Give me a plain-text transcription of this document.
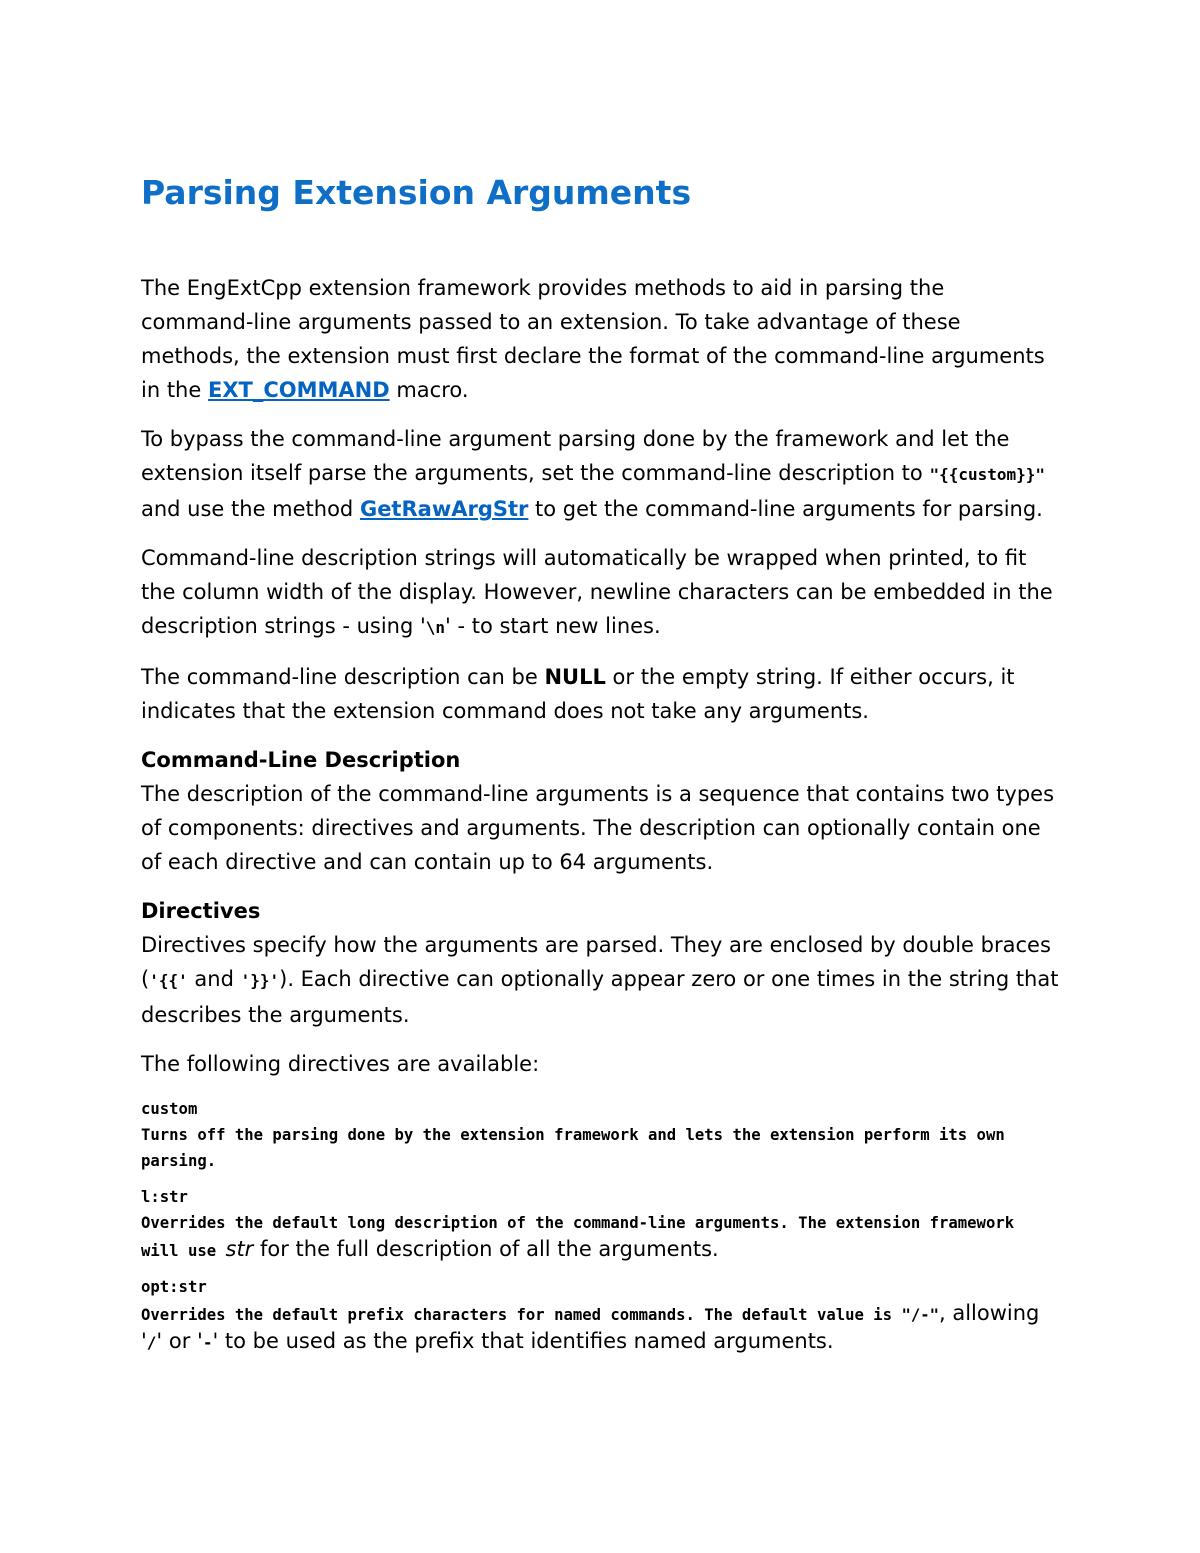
Parsing Extension Arguments

The EngExtCpp extension framework provides methods to aid in parsing the command-line arguments passed to an extension. To take advantage of these methods, the extension must first declare the format of the command-line arguments in the EXT_COMMAND macro.

To bypass the command-line argument parsing done by the framework and let the extension itself parse the arguments, set the command-line description to "{{custom}}" and use the method GetRawArgStr to get the command-line arguments for parsing.

Command-line description strings will automatically be wrapped when printed, to fit the column width of the display. However, newline characters can be embedded in the description strings - using '\n' - to start new lines.

The command-line description can be NULL or the empty string. If either occurs, it indicates that the extension command does not take any arguments.

Command-Line Description
The description of the command-line arguments is a sequence that contains two types of components: directives and arguments. The description can optionally contain one of each directive and can contain up to 64 arguments.

Directives
Directives specify how the arguments are parsed. They are enclosed by double braces ('{{' and '}}'). Each directive can optionally appear zero or one times in the string that describes the arguments.

The following directives are available:

custom
Turns off the parsing done by the extension framework and lets the extension perform its own parsing.
l:str
Overrides the default long description of the command-line arguments. The extension framework will use str for the full description of all the arguments.
opt:str
Overrides the default prefix characters for named commands. The default value is "/-", allowing '/' or '-' to be used as the prefix that identifies named arguments.
